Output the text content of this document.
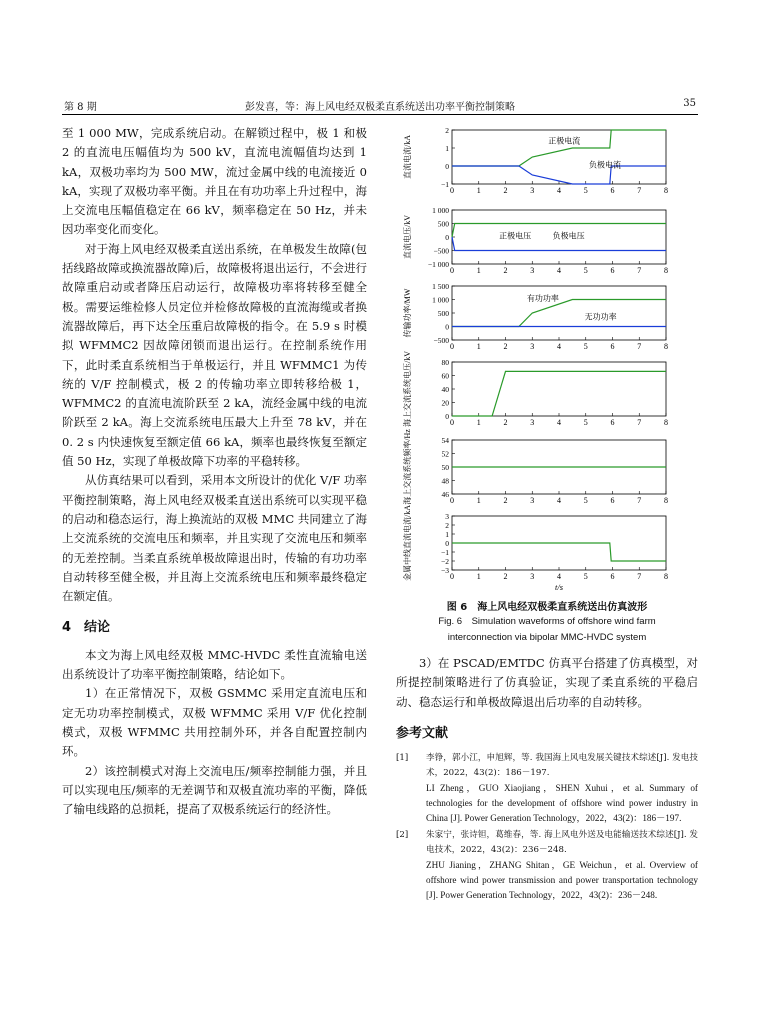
第 8 期	彭发喜，等：海上风电经双极柔直系统送出功率平衡控制策略	35

至 1 000 MW，完成系统启动。在解锁过程中，极 1 和极 2 的直流电压幅值均为 500 kV，直流电流幅值均达到 1 kA，双极功率均为 500 MW，流过金属中线的电流接近 0 kA，实现了双极功率平衡。并且在有功功率上升过程中，海上交流电压幅值稳定在 66 kV，频率稳定在 50 Hz，并未因功率变化而变化。

对于海上风电经双极柔直送出系统，在单极发生故障(包括线路故障或换流器故障)后，故障极将退出运行，不会进行故障重启动或者降压启动运行，故障极功率将转移至健全极。需要运维检修人员定位并检修故障极的直流海缆或者换流器故障后，再下达全压重启故障极的指令。在 5.9 s 时模拟 WFMMC2 因故障闭锁而退出运行。在控制系统作用下，此时柔直系统相当于单极运行，并且 WFMMC1 为传统的 V/F 控制模式，极 2 的传输功率立即转移给极 1，WFMMC2 的直流电流阶跃至 2 kA，流经金属中线的电流阶跃至 2 kA。海上交流系统电压最大上升至 78 kV，并在 0. 2 s 内快速恢复至额定值 66 kA，频率也最终恢复至额定值 50 Hz，实现了单极故障下功率的平稳转移。

从仿真结果可以看到，采用本文所设计的优化 V/F 功率平衡控制策略，海上风电经双极柔直送出系统可以实现平稳的启动和稳态运行，海上换流站的双极 MMC 共同建立了海上交流系统的交流电压和频率，并且实现了交流电压和频率的无差控制。当柔直系统单极故障退出时，传输的有功功率自动转移至健全极，并且海上交流系统电压和频率最终稳定在额定值。

4　结论

本文为海上风电经双极 MMC-HVDC 柔性直流输电送出系统设计了功率平衡控制策略，结论如下。

1）在正常情况下，双极 GSMMC 采用定直流电压和定无功功率控制模式，双极 WFMMC 采用 V/F 优化控制模式，双极 WFMMC 共用控制外环，并各自配置控制内环。

2）该控制模式对海上交流电压/频率控制能力强，并且可以实现电压/频率的无差调节和双极直流功率的平衡，降低了输电线路的总损耗，提高了双极系统运行的经济性。

0	1	2	3	4	5	6	7	8
2
1
0
−1
直流电流/kA	正极电流
负极电流
0	1	2	3	4	5	6	7	8
1 000
500
0
−500
−1 000
直流电压/kV	正极电压	负极电压
0	1	2	3	4	5	6	7	8
1 500
1 000
500
0
−500
传输功率/MW	有功功率
无功功率
0	1	2	3	4	5	6	7	8
80
60
40
20
0
海上交流系统电压/kV
0	1	2	3	4	5	6	7	8
54
52
50
48
46
海上交流系统频率/Hz
0	1	2	3	4	5	6	7	8
3
2
1
0
−1
−2
−3
金属中线直流电流/kA
t/s
图 6　海上风电经双极柔直系统送出仿真波形
Fig. 6　Simulation waveforms of offshore wind farm
interconnection via bipolar MMC-HVDC system

3）在 PSCAD/EMTDC 仿真平台搭建了仿真模型，对所提控制策略进行了仿真验证，实现了柔直系统的平稳启动、稳态运行和单极故障退出后功率的自动转移。

参考文献
[1] 李铮，郭小江，申旭辉，等. 我国海上风电发展关键技术综述[J]. 发电技术，2022，43(2)：186－197.
LI Zheng，GUO Xiaojiang，SHEN Xuhui，et al. Summary of technologies for the development of offshore wind power industry in China [J]. Power Generation Technology，2022，43(2)：186－197.
[2] 朱家宁，张诗钽，葛维春，等. 海上风电外送及电能输送技术综述[J]. 发电技术，2022，43(2)：236－248.
ZHU Jianing，ZHANG Shitan，GE Weichun，et al. Overview of offshore wind power transmission and power transportation technology [J]. Power Generation Technology，2022，43(2)：236－248.
